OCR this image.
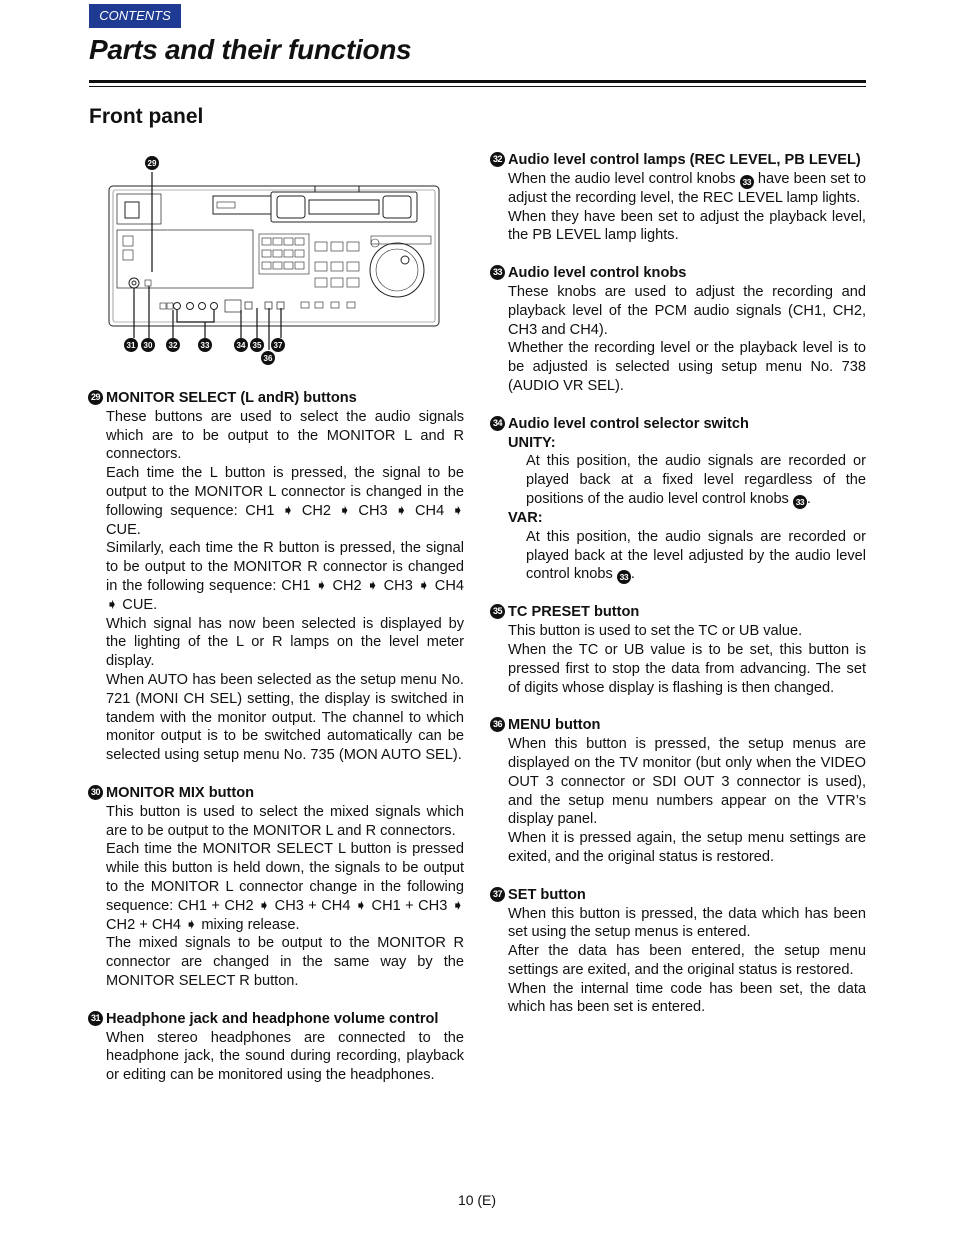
CONTENTS
Parts and their functions
Front panel
29
31 30 32	33	34 35 37
36
29 MONITOR SELECT (L andR) buttons

These buttons are used to select the audio signals which are to be output to the MONITOR L and R connectors.

Each time the L button is pressed, the signal to be output to the MONITOR L connector is changed in the following sequence: CH1 ➧ CH2 ➧ CH3 ➧ CH4 ➧ CUE.

Similarly, each time the R button is pressed, the signal to be output to the MONITOR R connector is changed in the following sequence: CH1 ➧ CH2 ➧ CH3 ➧ CH4 ➧ CUE.

Which signal has now been selected is displayed by the lighting of the L or R lamps on the level meter display.

When AUTO has been selected as the setup menu No. 721 (MONI CH SEL) setting, the display is switched in tandem with the monitor output. The channel to which monitor output is to be switched automatically can be selected using setup menu No. 735 (MON AUTO SEL).

30 MONITOR MIX button

This button is used to select the mixed signals which are to be output to the MONITOR L and R connectors.

Each time the MONITOR SELECT L button is pressed while this button is held down, the signals to be output to the MONITOR L connector change in the following sequence: CH1 + CH2 ➧ CH3 + CH4 ➧ CH1 + CH3 ➧ CH2 + CH4 ➧ mixing release.

The mixed signals to be output to the MONITOR R connector are changed in the same way by the MONITOR SELECT R button.

31 Headphone jack and headphone volume control

When stereo headphones are connected to the headphone jack, the sound during recording, playback or editing can be monitored using the headphones.

32 Audio level control lamps (REC LEVEL, PB LEVEL)

When the audio level control knobs 33 have been set to adjust the recording level, the REC LEVEL lamp lights.

When they have been set to adjust the playback level, the PB LEVEL lamp lights.

33 Audio level control knobs

These knobs are used to adjust the recording and playback level of the PCM audio signals (CH1, CH2, CH3 and CH4).

Whether the recording level or the playback level is to be adjusted is selected using setup menu No. 738 (AUDIO VR SEL).

34 Audio level control selector switch

UNITY:

At this position, the audio signals are recorded or played back at a fixed level regardless of the positions of the audio level control knobs 33 .

VAR:

At this position, the audio signals are recorded or played back at the level adjusted by the audio level control knobs 33 .

35 TC PRESET button

This button is used to set the TC or UB value.

When the TC or UB value is to be set, this button is pressed first to stop the data from advancing. The set of digits whose display is flashing is then changed.

36 MENU button

When this button is pressed, the setup menus are displayed on the TV monitor (but only when the VIDEO OUT 3 connector or SDI OUT 3 connector is used), and the setup menu numbers appear on the VTR’s display panel.

When it is pressed again, the setup menu settings are exited, and the original status is restored.

37 SET button

When this button is pressed, the data which has been set using the setup menus is entered.

After the data has been entered, the setup menu settings are exited, and the original status is restored.

When the internal time code has been set, the data which has been set is entered.

10 (E)
